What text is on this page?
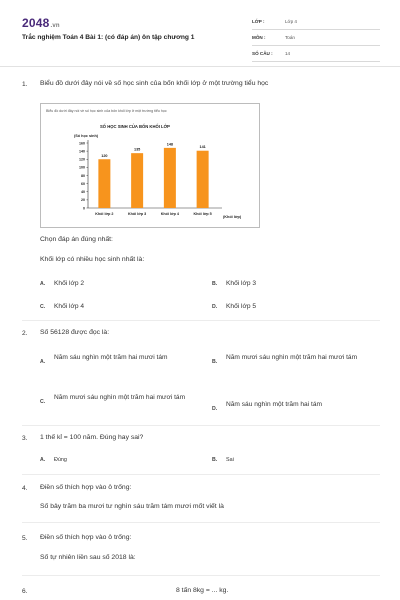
2048.vn
Trắc nghiệm Toán 4 Bài 1: (có đáp án) ôn tập chương 1
LỚP :	Lớp 4
MÔN :	Toán
SỐ CÂU :	14
1. Biểu đồ dưới đây nói về số học sinh của bốn khối lớp ở một trường tiểu học
Biểu đồ dưới đây nói về số học sinh của bốn khối lớp ở một trường tiểu học
SỐ HỌC SINH CỦA BỐN KHỐI LỚP
(Số học sinh)
(Khối lớp)
0
20
40
60
80
100
120
140
160
120
Khối lớp 2
135
Khối lớp 3
148
Khối lớp 4
141
Khối lớp 5
Chọn đáp án đúng nhất:
Khối lớp có nhiều học sinh nhất là:
A. Khối lớp 2	B. Khối lớp 3
C. Khối lớp 4	D. Khối lớp 5
2. Số 56128 được đọc là:
A.
Năm sáu nghìn một trăm hai mươi tám
B.
Năm mươi sáu nghìn một trăm hai mươi tám
C.
Năm mươi sáu nghìn một trăm hai mươi tám
D.
Năm sáu nghìn một trăm hai tám
3. 1 thế kỉ = 100 năm. Đúng hay sai?
A. Đúng	B. Sai
4. Điền số thích hợp vào ô trống:
Số bảy trăm ba mươi tư nghìn sáu trăm tám mươi mốt viết là
5. Điền số thích hợp vào ô trống:
Số tự nhiên liền sau số 2018 là:
6.	8 tấn 8kg = ... kg.
